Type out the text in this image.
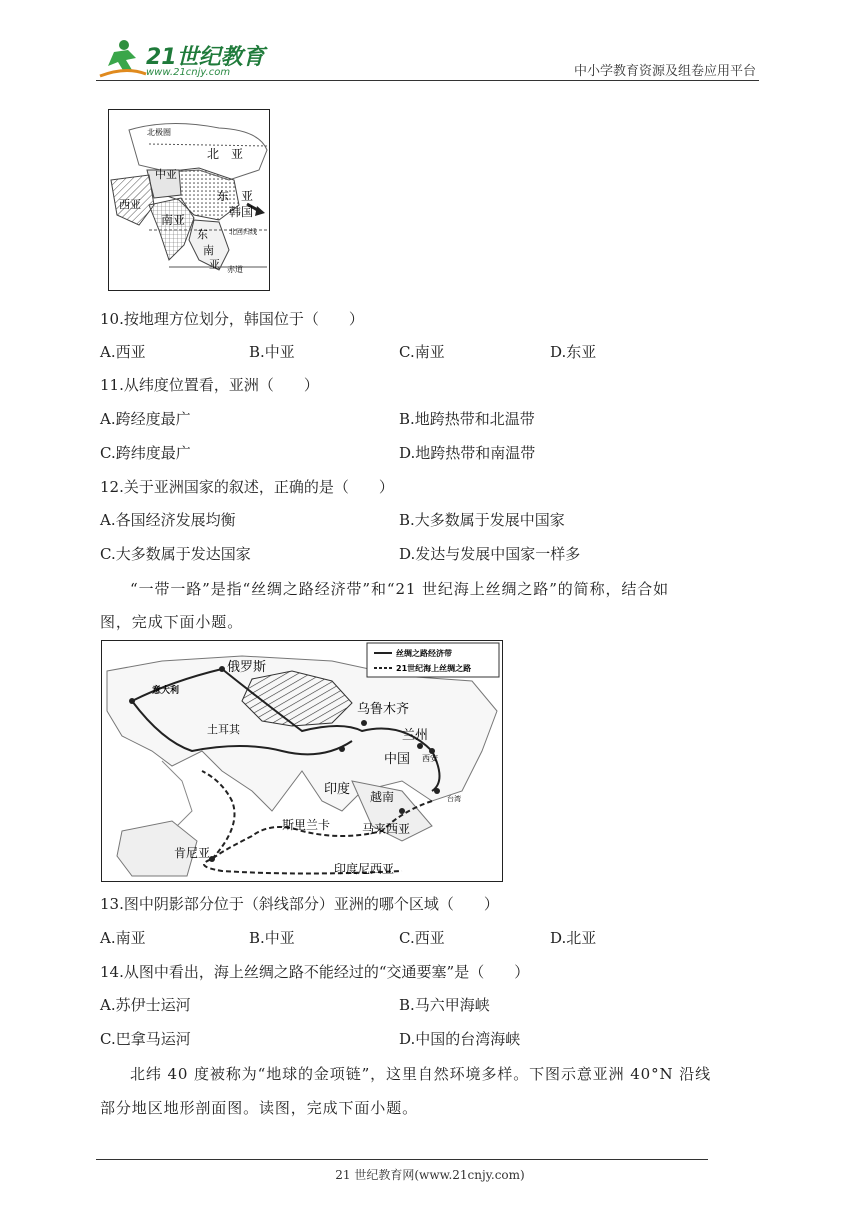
21世纪教育
www.21cnjy.com	中小学教育资源及组卷应用平台
北极圈
北　亚
中亚
东　亚
西亚
南亚
韩国
北回归线
东
南
亚 赤道
10.按地理方位划分，韩国位于（　　）
A.西亚	B.中亚	C.南亚	D.东亚
11.从纬度位置看，亚洲（　　）
A.跨经度最广	B.地跨热带和北温带
C.跨纬度最广	D.地跨热带和南温带
12.关于亚洲国家的叙述，正确的是（　　）
A.各国经济发展均衡	B.大多数属于发展中国家
C.大多数属于发达国家	D.发达与发展中国家一样多
“一带一路”是指“丝绸之路经济带”和“21 世纪海上丝绸之路”的简称，结合如
图，完成下面小题。
丝绸之路经济带
21世纪海上丝绸之路
俄罗斯
意大利
土耳其
乌鲁木齐
兰州
中国 西安
印度 越南	台湾
斯里兰卡	马来西亚
肯尼亚
印度尼西亚
13.图中阴影部分位于（斜线部分）亚洲的哪个区域（　　）
A.南亚	B.中亚	C.西亚	D.北亚
14.从图中看出，海上丝绸之路不能经过的“交通要塞”是（　　）
A.苏伊士运河	B.马六甲海峡
C.巴拿马运河	D.中国的台湾海峡
北纬 40 度被称为“地球的金项链”，这里自然环境多样。下图示意亚洲 40°N 沿线
部分地区地形剖面图。读图，完成下面小题。
21 世纪教育网(www.21cnjy.com)
